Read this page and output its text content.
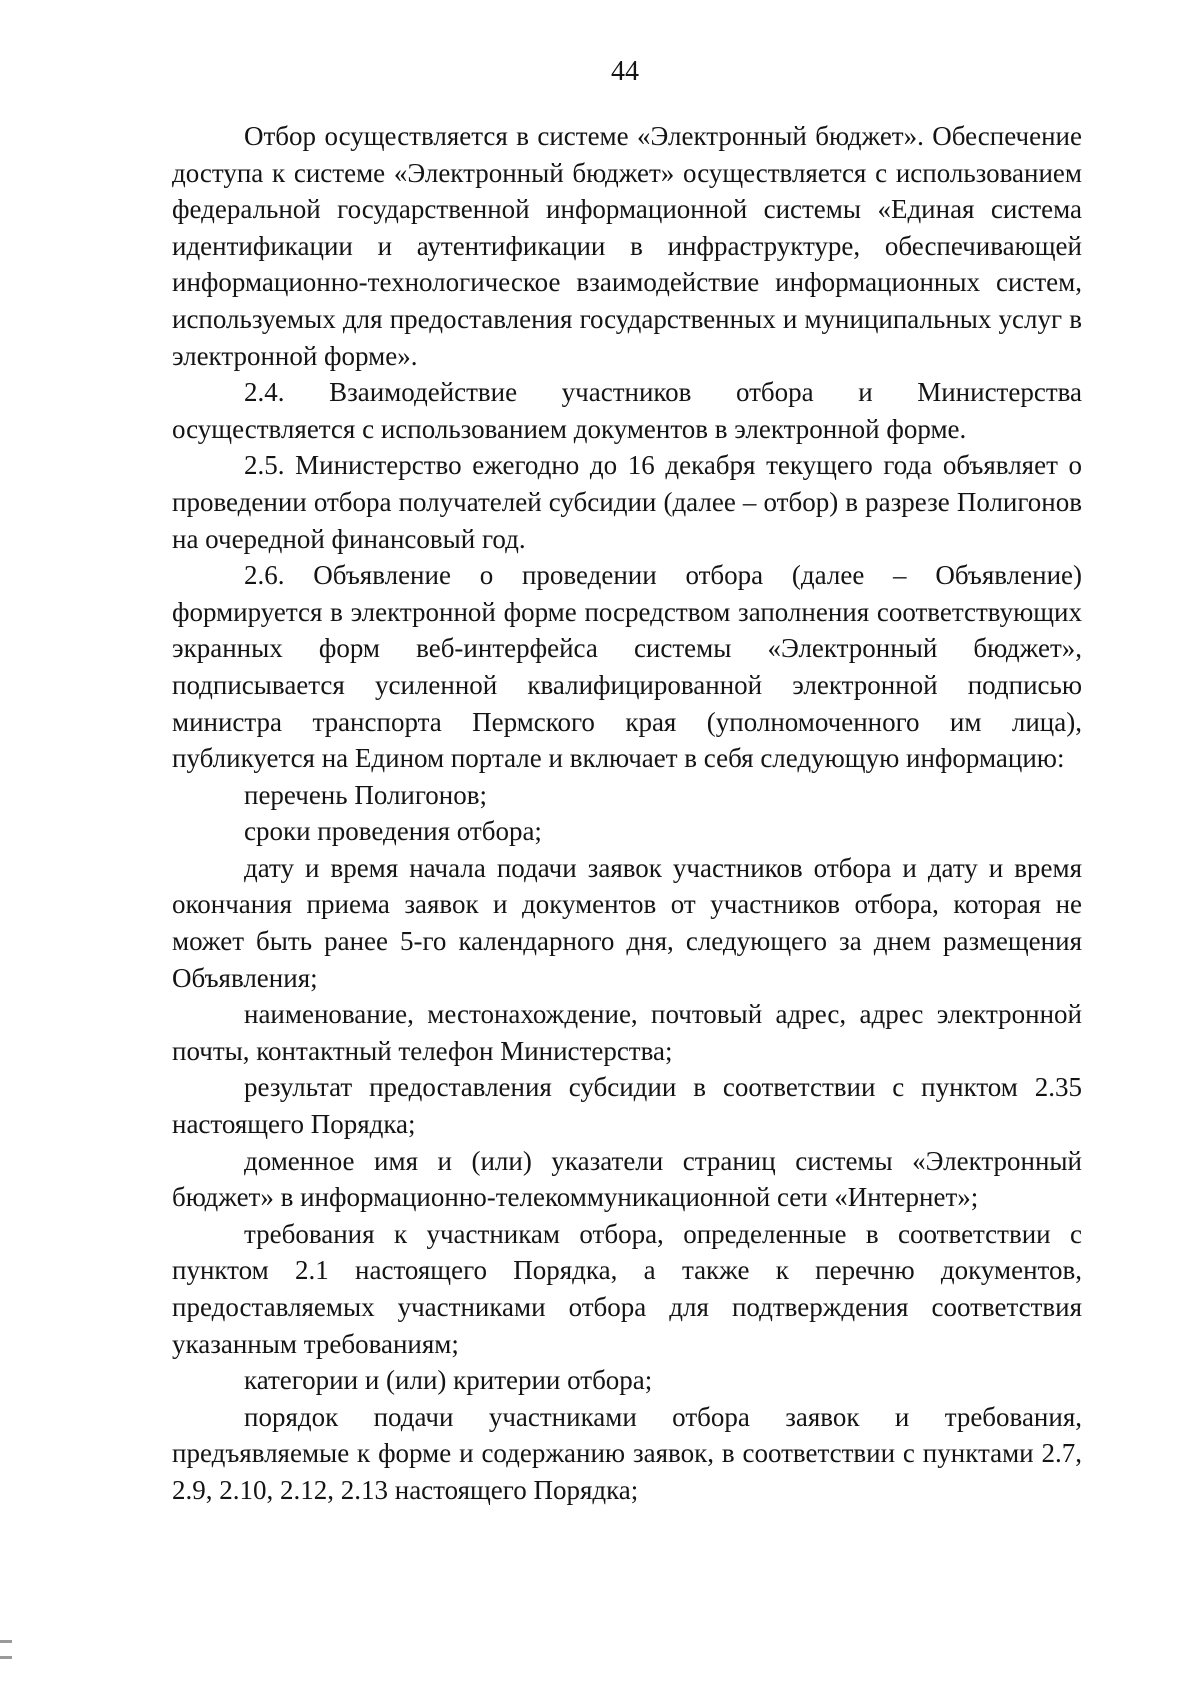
44

Отбор осуществляется в системе «Электронный бюджет». Обеспечение доступа к системе «Электронный бюджет» осуществляется с использованием федеральной государственной информационной системы «Единая система идентификации и аутентификации в инфраструктуре, обеспечивающей информационно-технологическое взаимодействие информационных систем, используемых для предоставления государственных и муниципальных услуг в электронной форме».

2.4. Взаимодействие участников отбора и Министерства осуществляется с использованием документов в электронной форме.

2.5. Министерство ежегодно до 16 декабря текущего года объявляет о проведении отбора получателей субсидии (далее – отбор) в разрезе Полигонов на очередной финансовый год.

2.6. Объявление о проведении отбора (далее – Объявление) формируется в электронной форме посредством заполнения соответствующих экранных форм веб-интерфейса системы «Электронный бюджет», подписывается усиленной квалифицированной электронной подписью министра транспорта Пермского края (уполномоченного им лица), публикуется на Едином портале и включает в себя следующую информацию:

перечень Полигонов;

сроки проведения отбора;

дату и время начала подачи заявок участников отбора и дату и время окончания приема заявок и документов от участников отбора, которая не может быть ранее 5-го календарного дня, следующего за днем размещения Объявления;

наименование, местонахождение, почтовый адрес, адрес электронной почты, контактный телефон Министерства;

результат предоставления субсидии в соответствии с пунктом 2.35 настоящего Порядка;

доменное имя и (или) указатели страниц системы «Электронный бюджет» в информационно-телекоммуникационной сети «Интернет»;

требования к участникам отбора, определенные в соответствии с пунктом 2.1 настоящего Порядка, а также к перечню документов, предоставляемых участниками отбора для подтверждения соответствия указанным требованиям;

категории и (или) критерии отбора;

порядок подачи участниками отбора заявок и требования, предъявляемые к форме и содержанию заявок, в соответствии с пунктами 2.7, 2.9, 2.10, 2.12, 2.13 настоящего Порядка;
